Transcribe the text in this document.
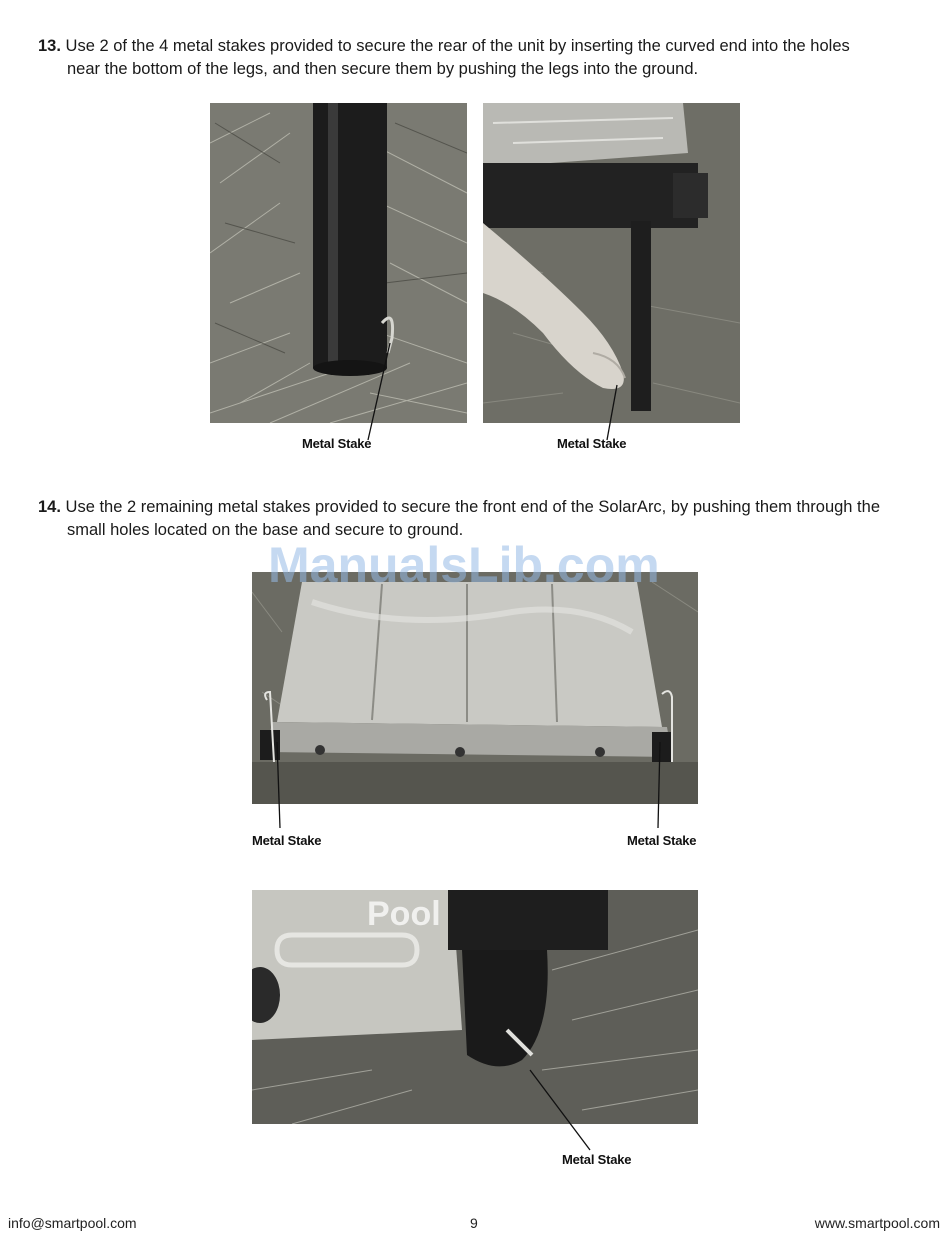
13. Use 2 of the 4 metal stakes provided to secure the rear of the unit by inserting the curved end into the holes
near the bottom of the legs, and then secure them by pushing the legs into the ground.
14. Use the 2 remaining metal stakes provided to secure the front end of the SolarArc, by pushing them through the
small holes located on the base and secure to ground.
Pool
Metal Stake	Metal Stake
Metal Stake	Metal Stake
Metal Stake
ManualsLib.com
info@smartpool.com	9	www.smartpool.com
